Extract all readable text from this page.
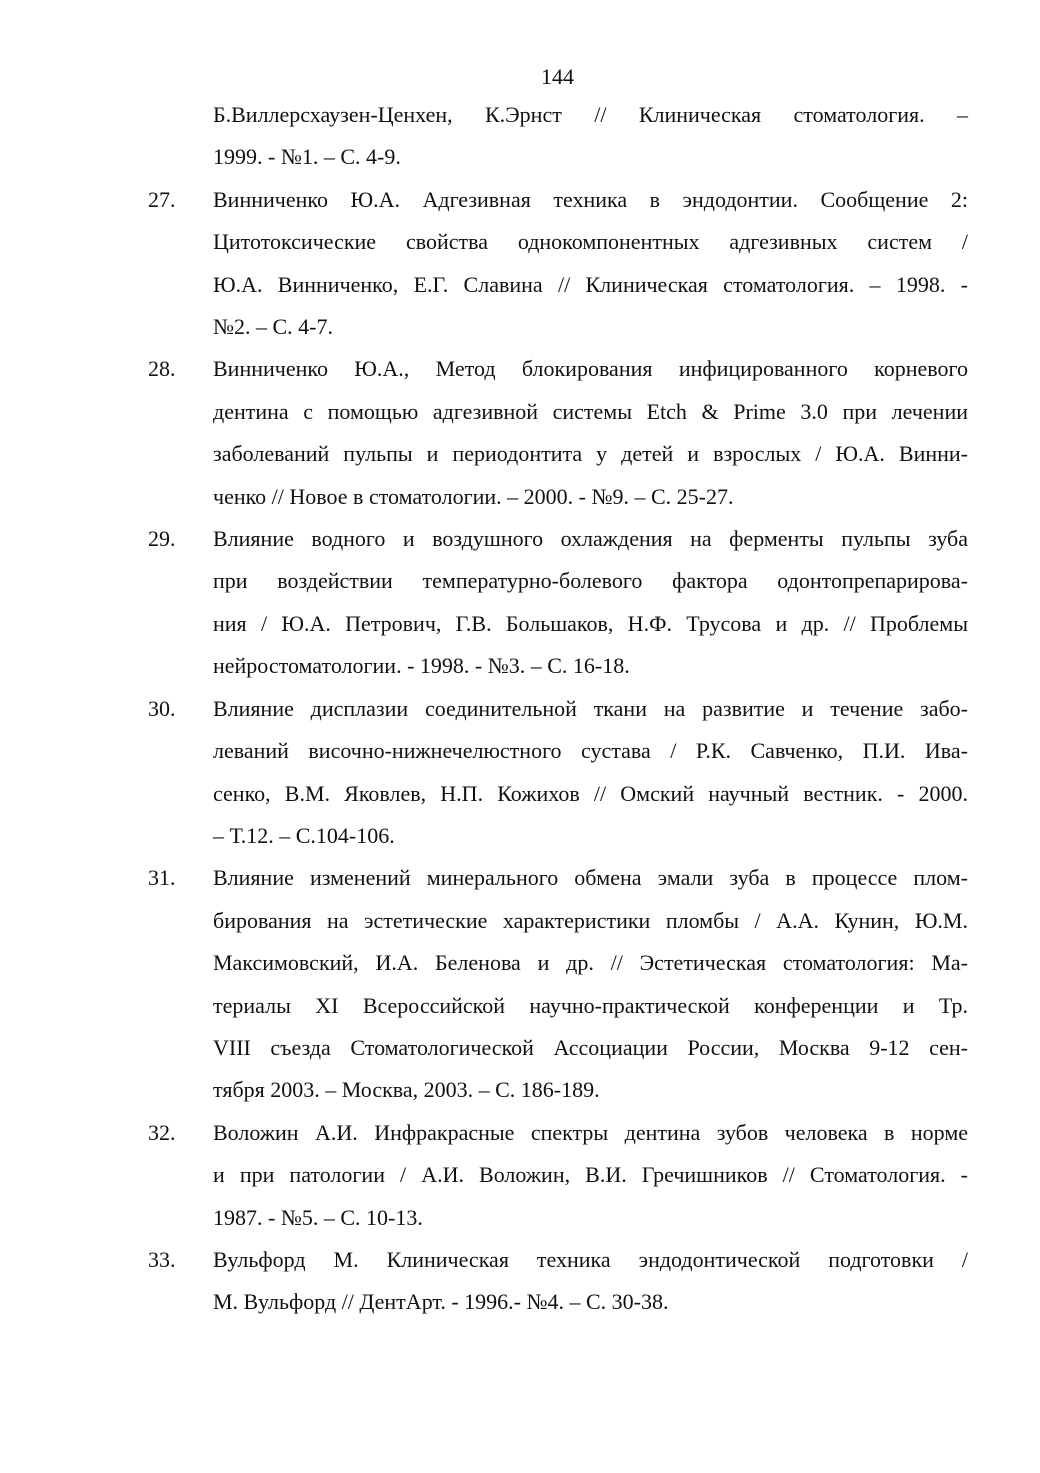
144
Б.Виллерсхаузен-Ценхен, К.Эрнст // Клиническая стоматология. –
1999. - №1. – С. 4-9.
27.	Винниченко Ю.А. Адгезивная техника в эндодонтии. Сообщение 2:
Цитотоксические свойства однокомпонентных адгезивных систем /
Ю.А. Винниченко, Е.Г. Славина // Клиническая стоматология. – 1998. -
№2. – С. 4-7.
28.	Винниченко Ю.А., Метод блокирования инфицированного корневого
дентина с помощью адгезивной системы Etch & Prime 3.0 при лечении
заболеваний пульпы и периодонтита у детей и взрослых / Ю.А. Винни-
ченко // Новое в стоматологии. – 2000. - №9. – С. 25-27.
29.	Влияние водного и воздушного охлаждения на ферменты пульпы зуба
при воздействии температурно-болевого фактора одонтопрепарирова-
ния / Ю.А. Петрович, Г.В. Большаков, Н.Ф. Трусова и др. // Проблемы
нейростоматологии. - 1998. - №3. – С. 16-18.
30.	Влияние дисплазии соединительной ткани на развитие и течение забо-
леваний височно-нижнечелюстного сустава / Р.К. Савченко, П.И. Ива-
сенко, В.М. Яковлев, Н.П. Кожихов // Омский научный вестник. - 2000.
– Т.12. – С.104-106.
31.	Влияние изменений минерального обмена эмали зуба в процессе плом-
бирования на эстетические характеристики пломбы / А.А. Кунин, Ю.М.
Максимовский, И.А. Беленова и др. // Эстетическая стоматология: Ма-
териалы XI Всероссийской научно-практической конференции и Тр.
VIII съезда Стоматологической Ассоциации России, Москва 9-12 сен-
тября 2003. – Москва, 2003. – С. 186-189.
32.	Воложин А.И. Инфракрасные спектры дентина зубов человека в норме
и при патологии / А.И. Воложин, В.И. Гречишников // Стоматология. -
1987. - №5. – С. 10-13.
33.	Вульфорд М. Клиническая техника эндодонтической подготовки /
М. Вульфорд // ДентАрт. - 1996.- №4. – С. 30-38.
